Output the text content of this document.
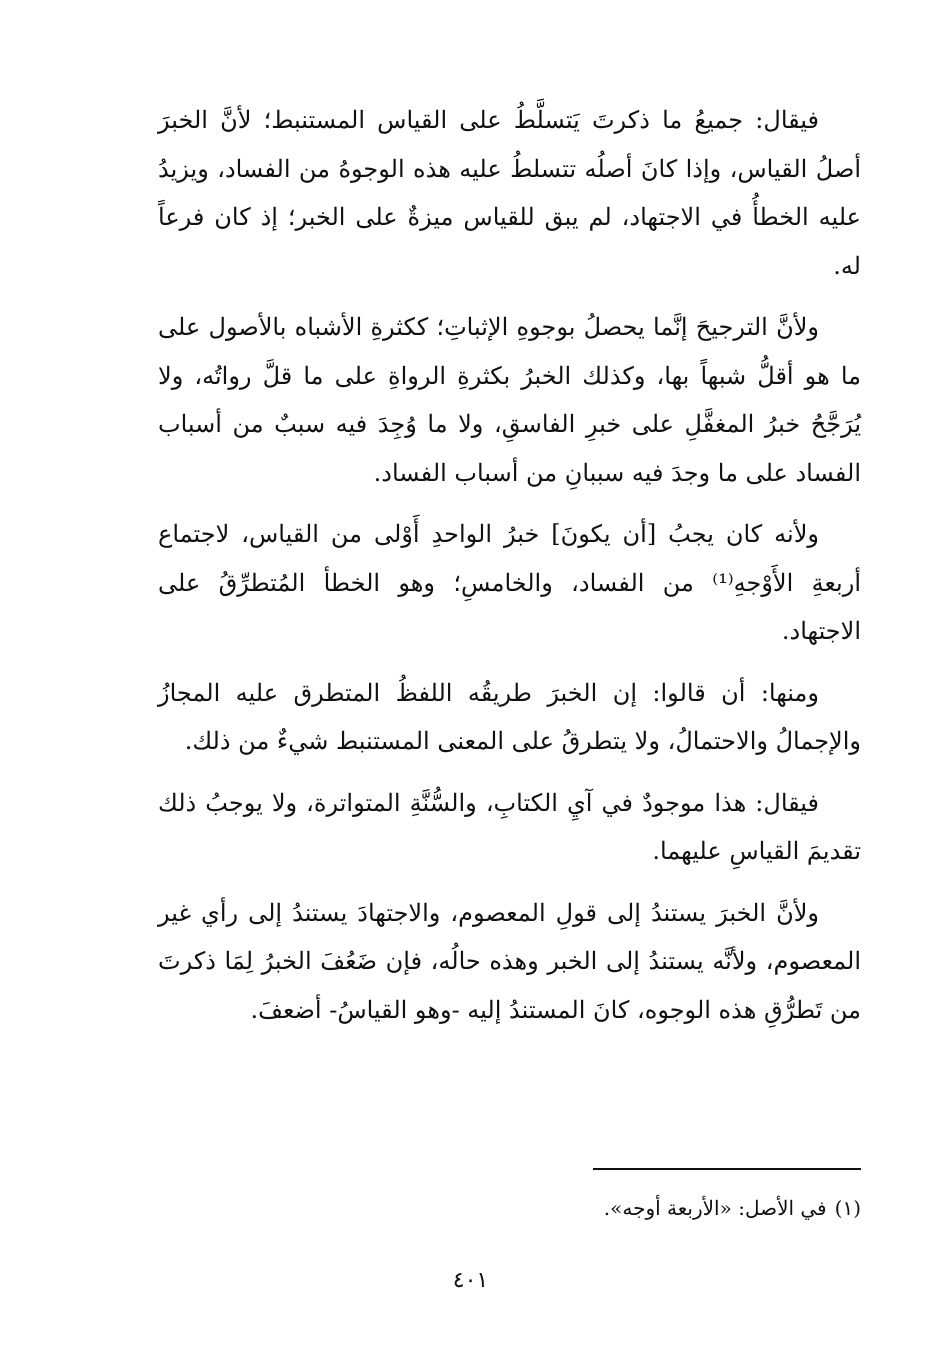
فيقال: جميعُ ما ذكرتَ يَتسلَّطُ على القياس المستنبط؛ لأنَّ الخبرَ أصلُ القياس، وإذا كانَ أصلُه تتسلطُ عليه هذه الوجوهُ من الفساد، ويزيدُ عليه الخطأُ في الاجتهاد، لم يبق للقياس ميزةٌ على الخبر؛ إذ كان فرعاً له.

ولأنَّ الترجيحَ إنَّما يحصلُ بوجوهِ الإثباتِ؛ ككثرةِ الأشباه بالأصول على ما هو أقلُّ شبهاً بها، وكذلك الخبرُ بكثرةِ الرواةِ على ما قلَّ رواتُه، ولا يُرَجَّحُ خبرُ المغفَّلِ على خبرِ الفاسقِ، ولا ما وُجِدَ فيه سببٌ من أسباب الفساد على ما وجدَ فيه سببانِ من أسباب الفساد.

ولأنه كان يجبُ [أن يكونَ] خبرُ الواحدِ أَوْلى من القياس، لاجتماع أربعةِ الأَوْجهِ⁽¹⁾ من الفساد، والخامسِ؛ وهو الخطأ المُتطرِّقُ على الاجتهاد.

ومنها: أن قالوا: إن الخبرَ طريقُه اللفظُ المتطرق عليه المجازُ والإجمالُ والاحتمالُ، ولا يتطرقُ على المعنى المستنبط شيءٌ من ذلك.

فيقال: هذا موجودٌ في آيِ الكتابِ، والسُّنَّةِ المتواترة، ولا يوجبُ ذلك تقديمَ القياسِ عليهما.

ولأنَّ الخبرَ يستندُ إلى قولِ المعصوم، والاجتهادَ يستندُ إلى رأي غير المعصوم، ولأنَّه يستندُ إلى الخبر وهذه حالُه، فإن ضَعُفَ الخبرُ لِمَا ذكرتَ من تَطرُّقِ هذه الوجوه، كانَ المستندُ إليه -وهو القياسُ- أضعفَ.

(١)في الأصل: «الأربعة أوجه».
٤٠١
